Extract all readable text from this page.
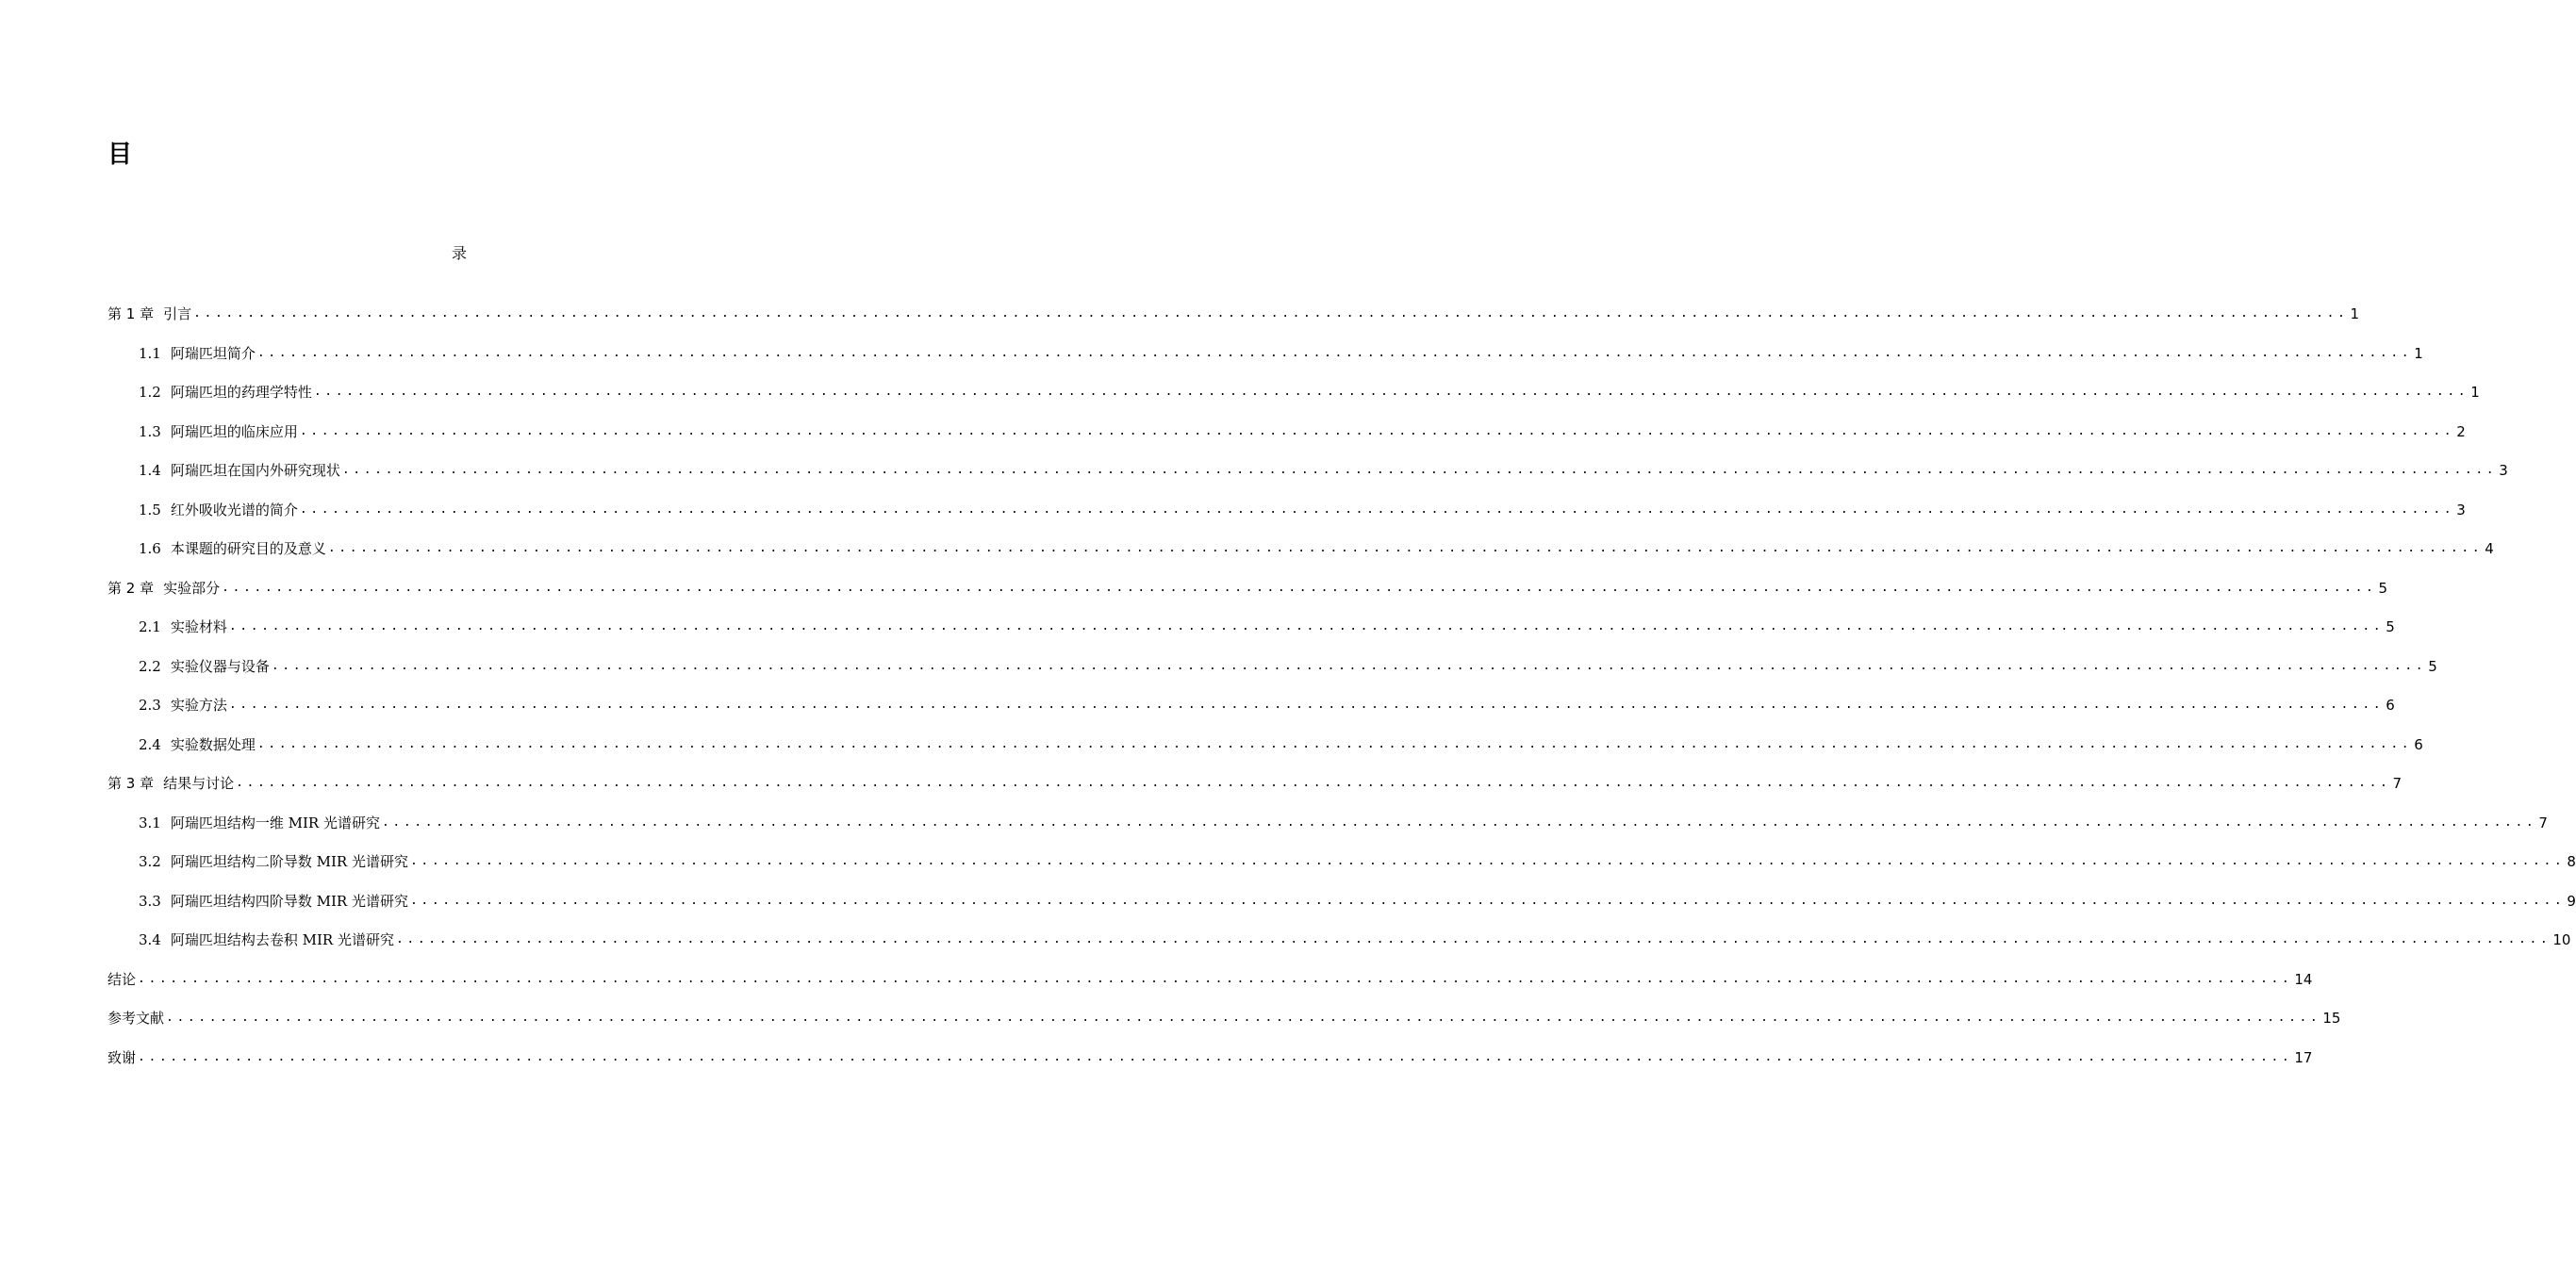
目
录
第 1 章 引言 ........................................................................................................................................................................................................ 1
1.1 阿瑞匹坦简介 ........................................................................................................................................................................................................ 1
1.2 阿瑞匹坦的药理学特性 ........................................................................................................................................................................................................ 1
1.3 阿瑞匹坦的临床应用 ........................................................................................................................................................................................................ 2
1.4 阿瑞匹坦在国内外研究现状 ........................................................................................................................................................................................................ 3
1.5 红外吸收光谱的简介 ........................................................................................................................................................................................................ 3
1.6 本课题的研究目的及意义 ........................................................................................................................................................................................................ 4
第 2 章 实验部分 ........................................................................................................................................................................................................ 5
2.1 实验材料 ........................................................................................................................................................................................................ 5
2.2 实验仪器与设备 ........................................................................................................................................................................................................ 5
2.3 实验方法 ........................................................................................................................................................................................................ 6
2.4 实验数据处理 ........................................................................................................................................................................................................ 6
第 3 章 结果与讨论 ........................................................................................................................................................................................................ 7
3.1 阿瑞匹坦结构一维 MIR 光谱研究 ........................................................................................................................................................................................................ 7
3.2 阿瑞匹坦结构二阶导数 MIR 光谱研究 ........................................................................................................................................................................................................ 8
3.3 阿瑞匹坦结构四阶导数 MIR 光谱研究 ........................................................................................................................................................................................................ 9
3.4 阿瑞匹坦结构去卷积 MIR 光谱研究 ........................................................................................................................................................................................................ 10
结论 ........................................................................................................................................................................................................ 14
参考文献 ........................................................................................................................................................................................................ 15
致谢 ........................................................................................................................................................................................................ 17
